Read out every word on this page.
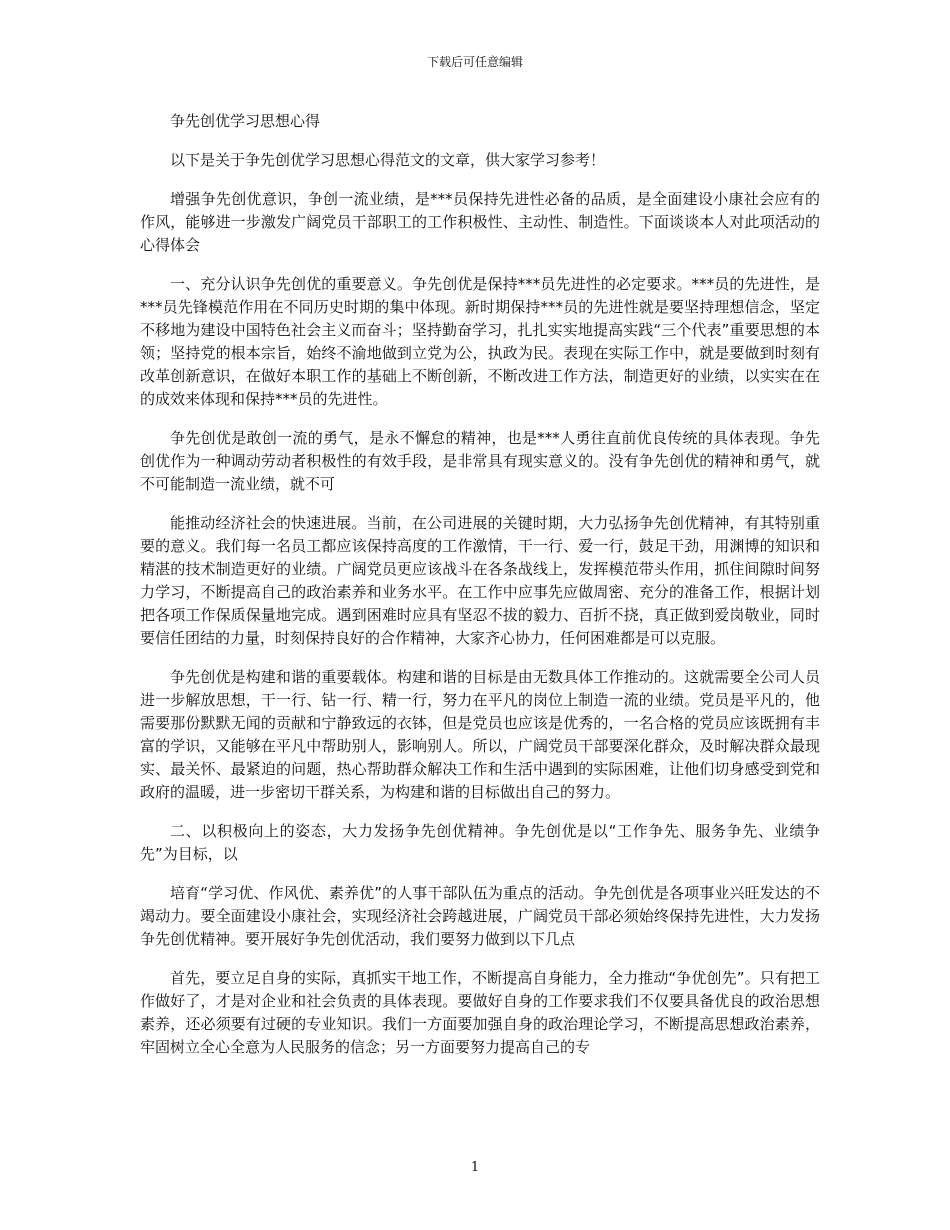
下载后可任意编辑

争先创优学习思想心得

以下是关于争先创优学习思想心得范文的文章，供大家学习参考！

增强争先创优意识，争创一流业绩，是***员保持先进性必备的品质，是全面建设小康社会应有的作风，能够进一步激发广阔党员干部职工的工作积极性、主动性、制造性。下面谈谈本人对此项活动的心得体会

一、充分认识争先创优的重要意义。争先创优是保持***员先进性的必定要求。***员的先进性，是***员先锋模范作用在不同历史时期的集中体现。新时期保持***员的先进性就是要坚持理想信念，坚定不移地为建设中国特色社会主义而奋斗；坚持勤奋学习，扎扎实实地提高实践“三个代表”重要思想的本领；坚持党的根本宗旨，始终不渝地做到立党为公，执政为民。表现在实际工作中，就是要做到时刻有改革创新意识，在做好本职工作的基础上不断创新，不断改进工作方法，制造更好的业绩，以实实在在的成效来体现和保持***员的先进性。

争先创优是敢创一流的勇气，是永不懈怠的精神，也是***人勇往直前优良传统的具体表现。争先创优作为一种调动劳动者积极性的有效手段，是非常具有现实意义的。没有争先创优的精神和勇气，就不可能制造一流业绩，就不可

能推动经济社会的快速进展。当前，在公司进展的关键时期，大力弘扬争先创优精神，有其特别重要的意义。我们每一名员工都应该保持高度的工作激情，干一行、爱一行，鼓足干劲，用渊博的知识和精湛的技术制造更好的业绩。广阔党员更应该战斗在各条战线上，发挥模范带头作用，抓住间隙时间努力学习，不断提高自己的政治素养和业务水平。在工作中应事先应做周密、充分的准备工作，根据计划把各项工作保质保量地完成。遇到困难时应具有坚忍不拔的毅力、百折不挠，真正做到爱岗敬业，同时要信任团结的力量，时刻保持良好的合作精神，大家齐心协力，任何困难都是可以克服。

争先创优是构建和谐的重要载体。构建和谐的目标是由无数具体工作推动的。这就需要全公司人员进一步解放思想，干一行、钻一行、精一行，努力在平凡的岗位上制造一流的业绩。党员是平凡的，他需要那份默默无闻的贡献和宁静致远的衣钵，但是党员也应该是优秀的，一名合格的党员应该既拥有丰富的学识，又能够在平凡中帮助别人，影响别人。所以，广阔党员干部要深化群众，及时解决群众最现实、最关怀、最紧迫的问题，热心帮助群众解决工作和生活中遇到的实际困难，让他们切身感受到党和政府的温暖，进一步密切干群关系，为构建和谐的目标做出自己的努力。

二、以积极向上的姿态，大力发扬争先创优精神。争先创优是以“工作争先、服务争先、业绩争先”为目标，以

培育“学习优、作风优、素养优”的人事干部队伍为重点的活动。争先创优是各项事业兴旺发达的不竭动力。要全面建设小康社会，实现经济社会跨越进展，广阔党员干部必须始终保持先进性，大力发扬争先创优精神。要开展好争先创优活动，我们要努力做到以下几点

首先，要立足自身的实际，真抓实干地工作，不断提高自身能力，全力推动“争优创先”。只有把工作做好了，才是对企业和社会负责的具体表现。要做好自身的工作要求我们不仅要具备优良的政治思想素养，还必须要有过硬的专业知识。我们一方面要加强自身的政治理论学习，不断提高思想政治素养，牢固树立全心全意为人民服务的信念；另一方面要努力提高自己的专

1
